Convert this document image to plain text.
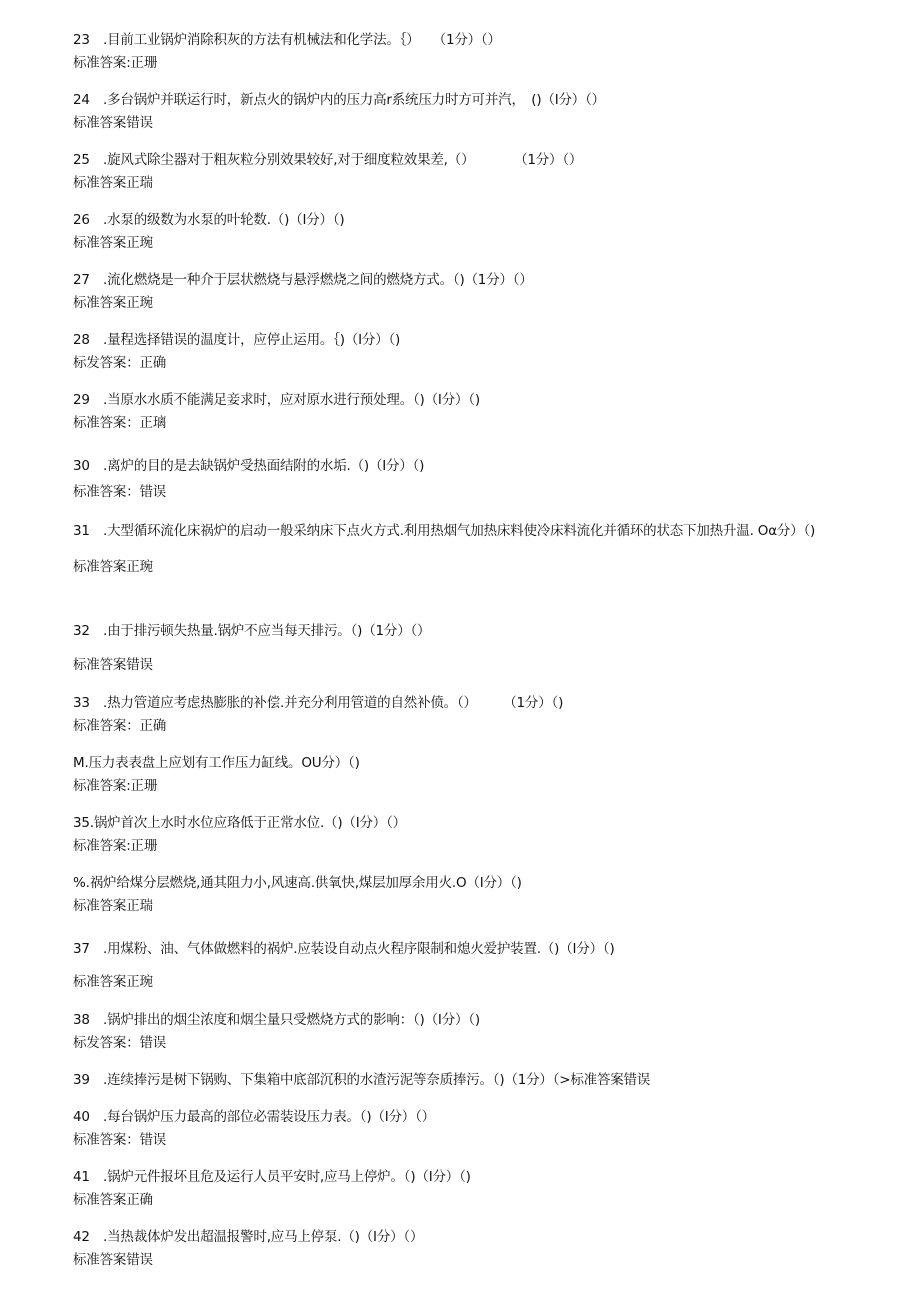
23 .目前工业锅炉消除积灰的方法有机械法和化学法。｛）　　（1分）（）
标准答案:正珊
24 .多台锅炉并联运行时，新点火的锅炉内的压力高r系统压力时方可并汽，　()（I分）（）
标准答案错误
25 .旋风式除尘器对于粗灰粒分别效果较好,对于细度粒效果差,（）　　　　（1分）（）
标准答案正瑞
26 .水泵的级数为水泵的叶轮数.（)（I分）（)
标准答案正琬
27 .流化燃烧是一种介于层状燃烧与悬浮燃烧之间的燃烧方式。（)（1分）（）
标准答案正琬
28 .量程选择错误的温度计，应停止运用。｛)（I分）（)
标发答案：正确
29 .当原水水质不能满足妾求时，应对原水进行预处理。（)（I分）（)
标准答案：正璃
30 .离炉的目的是去缺锅炉受热面结附的水垢.（)（I分）（)
标准答案：错误
31 .大型循环流化床祸炉的启动一般采纳床下点火方式.利用热烟气加热床料使冷床料流化并循环的状态下加热升温. Oα分）（)
标准答案正琬
32 .由于排污顿失热量.锅炉不应当每天排污。（)（1分）（）
标准答案错误
33 .热力管道应考虑热膨胀的补偿.并充分利用管道的自然补偾。（）　　　（1分）（)
标准答案：正确
M.压力表表盘上应划有工作压力缸线。OU分）（)
标准答案:正珊
35.锅炉首次上水时水位应珞低于正常水位.（)（I分）（）
标准答案:正珊
%.祸炉给煤分层燃烧,通其阻力小,风速高.供氧快,煤层加厚余用火.O（I分）（)
标准答案正瑞
37 .用煤粉、油、气体做燃料的祸炉.应装设自动点火程序限制和熄火爱护装置.（)（I分）（)
标准答案正琬
38 .锅炉排出的烟尘浓度和烟尘量只受燃烧方式的影响：（)（I分）（)
标发答案：错误
39 .连续捧污是树下锅购、下集箱中底部沉积的水渣污泥等奈质捧污。（)（1分）（>标准答案错误
40 .每台锅炉压力最高的部位必需装设压力表。（)（I分）（）
标准答案：错误
41 .锅炉元件报坏且危及运行人员平安时,应马上停炉。（)（I分）（)
标准答案正确
42 .当热裁体炉发出超温报警时,应马上停泵.（)（I分）（）
标准答案错误
